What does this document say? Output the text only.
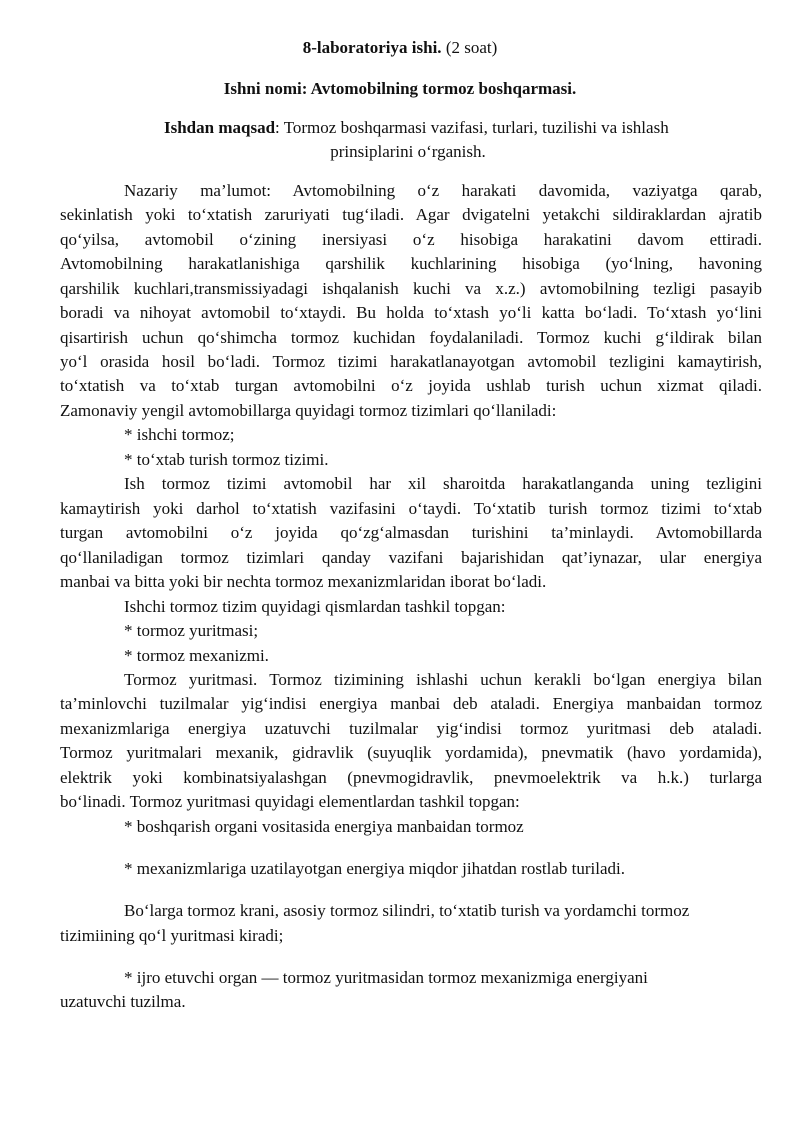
8-laboratoriya ishi. (2 soat)
Ishni nomi: Avtomobilning tormoz boshqarmasi.
Ishdan maqsad: Tormoz boshqarmasi vazifasi, turlari, tuzilishi va ishlash
prinsiplarini o‘rganish.
Nazariy ma’lumot: Avtomobilning o‘z harakati davomida, vaziyatga qarab,
sekinlatish yoki to‘xtatish zaruriyati tug‘iladi. Agar dvigatelni yetakchi sildiraklardan ajratib
qo‘yilsa, avtomobil o‘zining inersiyasi o‘z hisobiga harakatini davom ettiradi.
Avtomobilning harakatlanishiga qarshilik kuchlarining hisobiga (yo‘lning, havoning
qarshilik kuchlari,transmissiyadagi ishqalanish kuchi va x.z.) avtomobilning tezligi pasayib
boradi va nihoyat avtomobil to‘xtaydi. Bu holda to‘xtash yo‘li katta bo‘ladi. To‘xtash yo‘lini
qisartirish uchun qo‘shimcha tormoz kuchidan foydalaniladi. Tormoz kuchi g‘ildirak bilan
yo‘l orasida hosil bo‘ladi. Tormoz tizimi harakatlanayotgan avtomobil tezligini kamaytirish,
to‘xtatish va to‘xtab turgan avtomobilni o‘z joyida ushlab turish uchun xizmat qiladi.
Zamonaviy yengil avtomobillarga quyidagi tormoz tizimlari qo‘llaniladi:
* ishchi tormoz;
* to‘xtab turish tormoz tizimi.
Ish tormoz tizimi avtomobil har xil sharoitda harakatlanganda uning tezligini
kamaytirish yoki darhol to‘xtatish vazifasini o‘taydi. To‘xtatib turish tormoz tizimi to‘xtab
turgan avtomobilni o‘z joyida qo‘zg‘almasdan turishini ta’minlaydi. Avtomobillarda
qo‘llaniladigan tormoz tizimlari qanday vazifani bajarishidan qat’iynazar, ular energiya
manbai va bitta yoki bir nechta tormoz mexanizmlaridan iborat bo‘ladi.
Ishchi tormoz tizim quyidagi qismlardan tashkil topgan:
* tormoz yuritmasi;
* tormoz mexanizmi.
Tormoz yuritmasi. Tormoz tizimining ishlashi uchun kerakli bo‘lgan energiya bilan
ta’minlovchi tuzilmalar yig‘indisi energiya manbai deb ataladi. Energiya manbaidan tormoz
mexanizmlariga energiya uzatuvchi tuzilmalar yig‘indisi tormoz yuritmasi deb ataladi.
Tormoz yuritmalari mexanik, gidravlik (suyuqlik yordamida), pnevmatik (havo yordamida),
elektrik yoki kombinatsiyalashgan (pnevmogidravlik, pnevmoelektrik va h.k.) turlarga
bo‘linadi. Tormoz yuritmasi quyidagi elementlardan tashkil topgan:
* boshqarish organi vositasida energiya manbaidan tormoz
* mexanizmlariga uzatilayotgan energiya miqdor jihatdan rostlab turiladi.
Bo‘larga tormoz krani, asosiy tormoz silindri, to‘xtatib turish va yordamchi tormoz
tizimiining qo‘l yuritmasi kiradi;
* ijro etuvchi organ — tormoz yuritmasidan tormoz mexanizmiga energiyani
uzatuvchi tuzilma.
